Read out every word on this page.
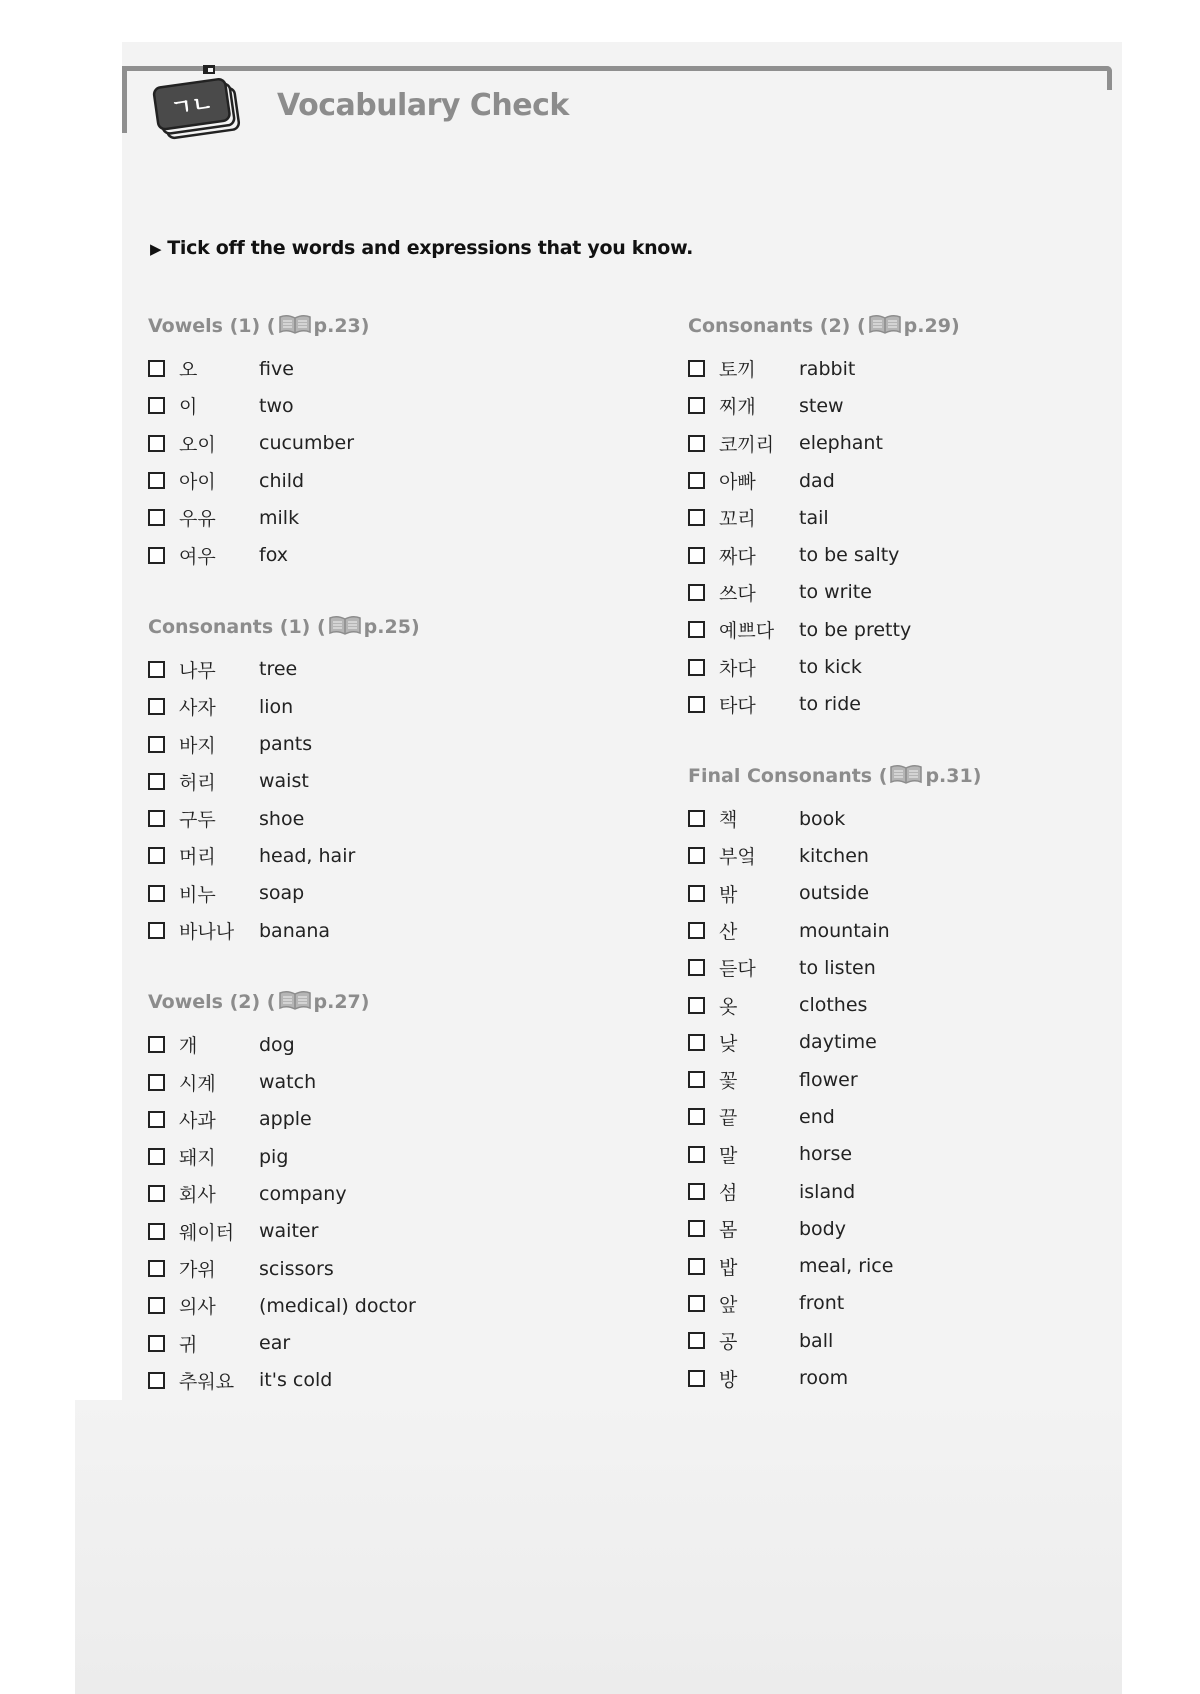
ㄱㄴ Vocabulary Check
▶ Tick off the words and expressions that you know.
Vowels (1) ( p.23)
오	five
이	two
오이	cucumber
아이	child
우유	milk
여우	fox
Consonants (1) ( p.25)
나무	tree
사자	lion
바지	pants
허리	waist
구두	shoe
머리	head, hair
비누	soap
바나나	banana
Vowels (2) ( p.27)
개	dog
시계	watch
사과	apple
돼지	pig
회사	company
웨이터	waiter
가위	scissors
의사	(medical) doctor
귀	ear
추워요	it's cold
Consonants (2) ( p.29)
토끼	rabbit
찌개	stew
코끼리	elephant
아빠	dad
꼬리	tail
짜다	to be salty
쓰다	to write
예쁘다	to be pretty
차다	to kick
타다	to ride
Final Consonants ( p.31)
책	book
부엌	kitchen
밖	outside
산	mountain
듣다	to listen
옷	clothes
낮	daytime
꽃	flower
끝	end
말	horse
섬	island
몸	body
밥	meal, rice
앞	front
공	ball
방	room
